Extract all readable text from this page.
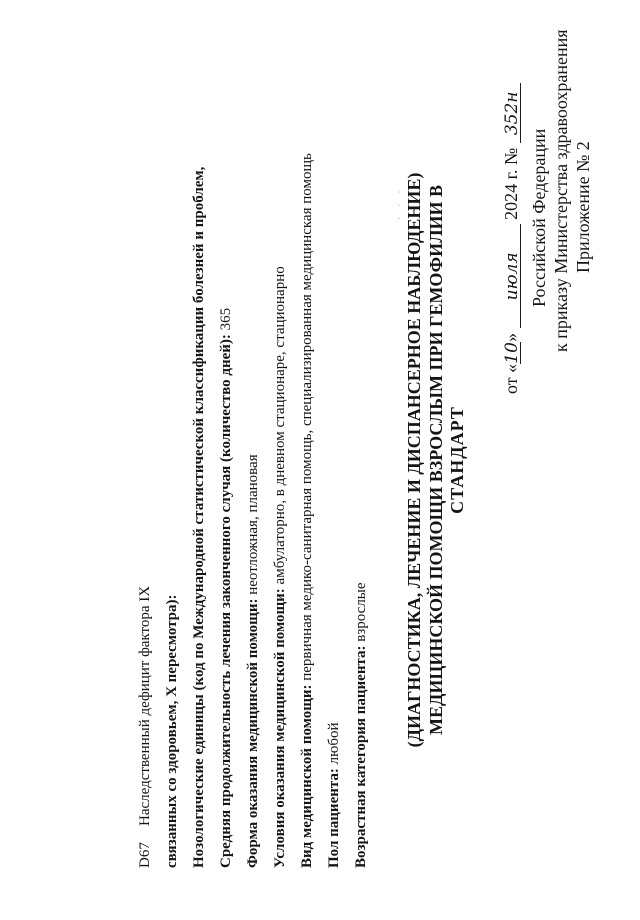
Приложение № 2
к приказу Министерства здравоохранения
Российской Федерации
от «10» июля 2024 г. № 352н
СТАНДАРТ
МЕДИЦИНСКОЙ ПОМОЩИ ВЗРОСЛЫМ ПРИ ГЕМОФИЛИИ В
(ДИАГНОСТИКА, ЛЕЧЕНИЕ И ДИСПАНСЕРНОЕ НАБЛЮДЕНИЕ)
Возрастная категория пациента: взрослые
Пол пациента: любой
Вид медицинской помощи: первичная медико-санитарная помощь, специализированная медицинская помощь
Условия оказания медицинской помощи: амбулаторно, в дневном стационаре, стационарно
Форма оказания медицинской помощи: неотложная, плановая
Средняя продолжительность лечения законченного случая (количество дней): 365
Нозологические единицы (код по Международной статистической классификации болезней и проблем,
связанных со здоровьем, X пересмотра):
D67Наследственный дефицит фактора IX
· · ·
